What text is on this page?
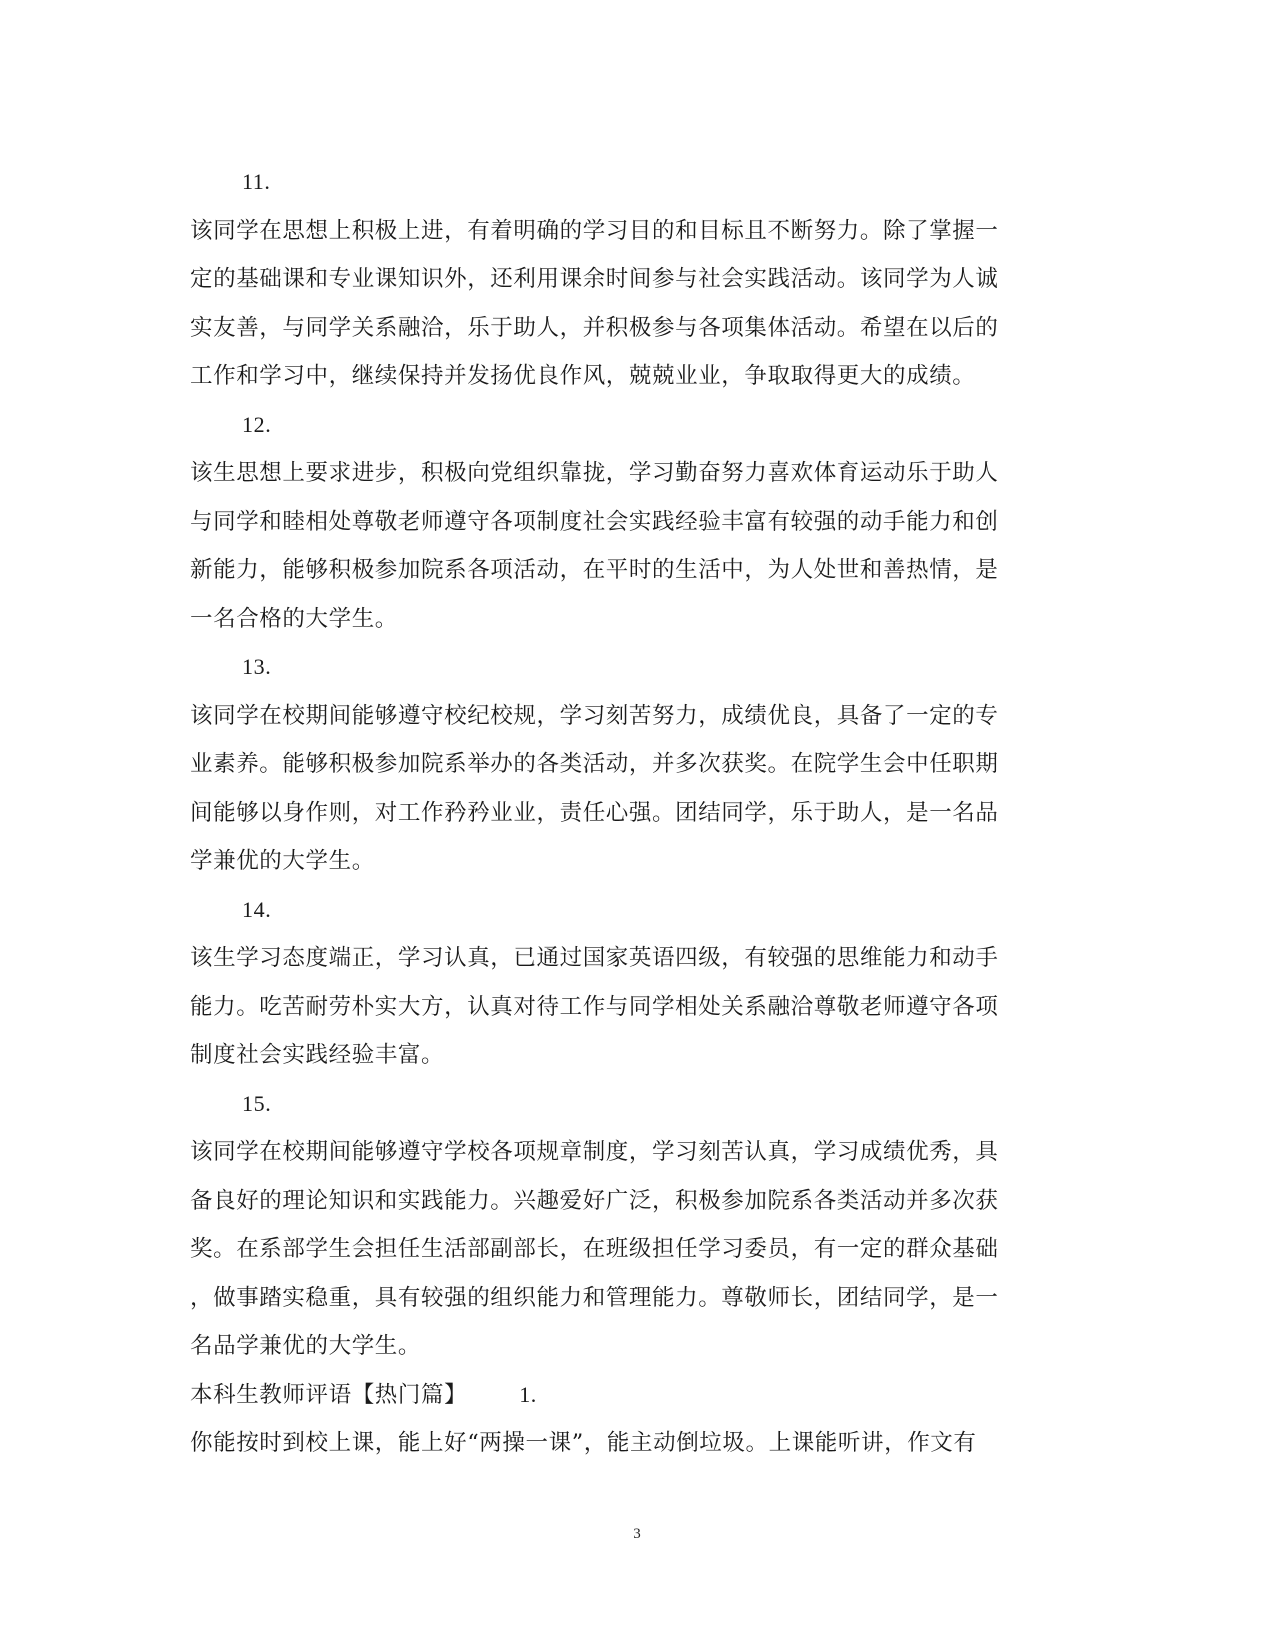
11.
该同学在思想上积极上进，有着明确的学习目的和目标且不断努力。除了掌握一
定的基础课和专业课知识外，还利用课余时间参与社会实践活动。该同学为人诚
实友善，与同学关系融洽，乐于助人，并积极参与各项集体活动。希望在以后的
工作和学习中，继续保持并发扬优良作风，兢兢业业，争取取得更大的成绩。
12.
该生思想上要求进步，积极向党组织靠拢，学习勤奋努力喜欢体育运动乐于助人
与同学和睦相处尊敬老师遵守各项制度社会实践经验丰富有较强的动手能力和创
新能力，能够积极参加院系各项活动，在平时的生活中，为人处世和善热情，是
一名合格的大学生。
13.
该同学在校期间能够遵守校纪校规，学习刻苦努力，成绩优良，具备了一定的专
业素养。能够积极参加院系举办的各类活动，并多次获奖。在院学生会中任职期
间能够以身作则，对工作矜矜业业，责任心强。团结同学，乐于助人，是一名品
学兼优的大学生。
14.
该生学习态度端正，学习认真，已通过国家英语四级，有较强的思维能力和动手
能力。吃苦耐劳朴实大方，认真对待工作与同学相处关系融洽尊敬老师遵守各项
制度社会实践经验丰富。
15.
该同学在校期间能够遵守学校各项规章制度，学习刻苦认真，学习成绩优秀，具
备良好的理论知识和实践能力。兴趣爱好广泛，积极参加院系各类活动并多次获
奖。在系部学生会担任生活部副部长，在班级担任学习委员，有一定的群众基础
，做事踏实稳重，具有较强的组织能力和管理能力。尊敬师长，团结同学，是一
名品学兼优的大学生。
本科生教师评语【热门篇】 1.
你能按时到校上课，能上好“两操一课”，能主动倒垃圾。上课能听讲，作文有
3
